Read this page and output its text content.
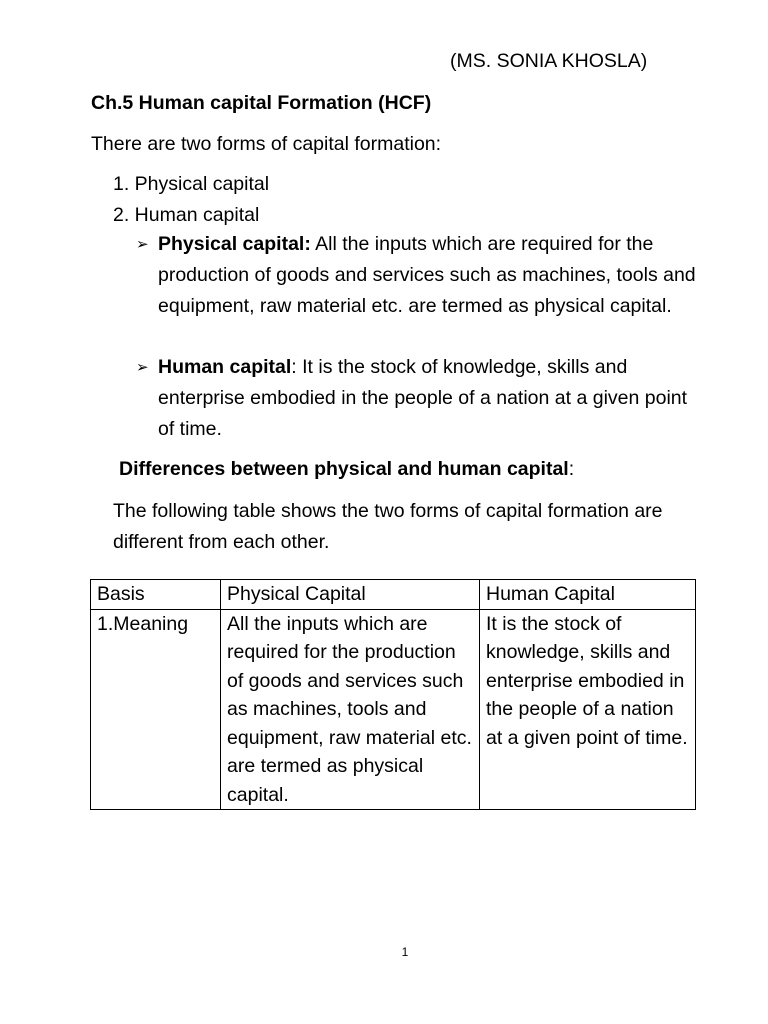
(MS. SONIA KHOSLA)
Ch.5 Human capital Formation (HCF)
There are two forms of capital formation:
1. Physical capital
2. Human capital
➢ Physical capital: All the inputs which are required for the production of goods and services such as machines, tools and equipment, raw material etc. are termed as physical capital.
➢ Human capital: It is the stock of knowledge, skills and enterprise embodied in the people of a nation at a given point of time.
Differences between physical and human capital:
The following table shows the two forms of capital formation are different from each other.
Basis	Physical Capital	Human Capital
1.Meaning	All the inputs which are required for the production of goods and services such as machines, tools and equipment, raw material etc. are termed as physical capital.	It is the stock of knowledge, skills and enterprise embodied in the people of a nation at a given point of time.
1
